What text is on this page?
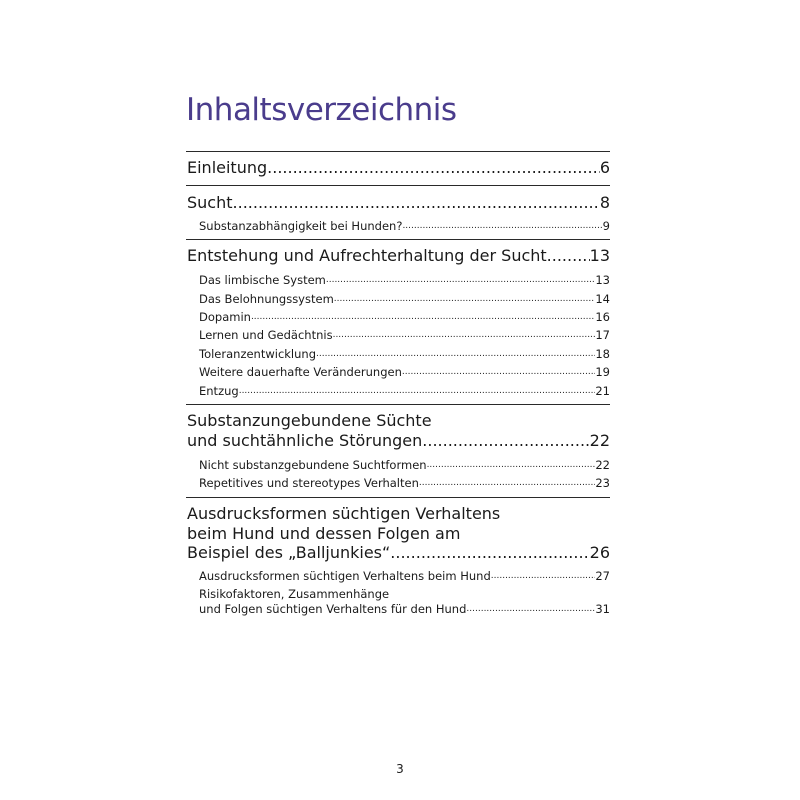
Inhaltsverzeichnis
Einleitung .....	6
Sucht .....	8
Substanzabhängigkeit bei Hunden? .....	9
Entstehung und Aufrechterhaltung der Sucht .....	13
Das limbische System .....	13
Das Belohnungssystem .....	14
Dopamin .....	16
Lernen und Gedächtnis .....	17
Toleranzentwicklung .....	18
Weitere dauerhafte Veränderungen .....	19
Entzug .....	21
Substanzungebundene Süchte
und suchtähnliche Störungen .....	22
Nicht substanzgebundene Suchtformen .....	22
Repetitives und stereotypes Verhalten .....	23
Ausdrucksformen süchtigen Verhaltens
beim Hund und dessen Folgen am
Beispiel des „Balljunkies“ .....	26
Ausdrucksformen süchtigen Verhaltens beim Hund .....	27
Risikofaktoren, Zusammenhänge
und Folgen süchtigen Verhaltens für den Hund .....	31
3
